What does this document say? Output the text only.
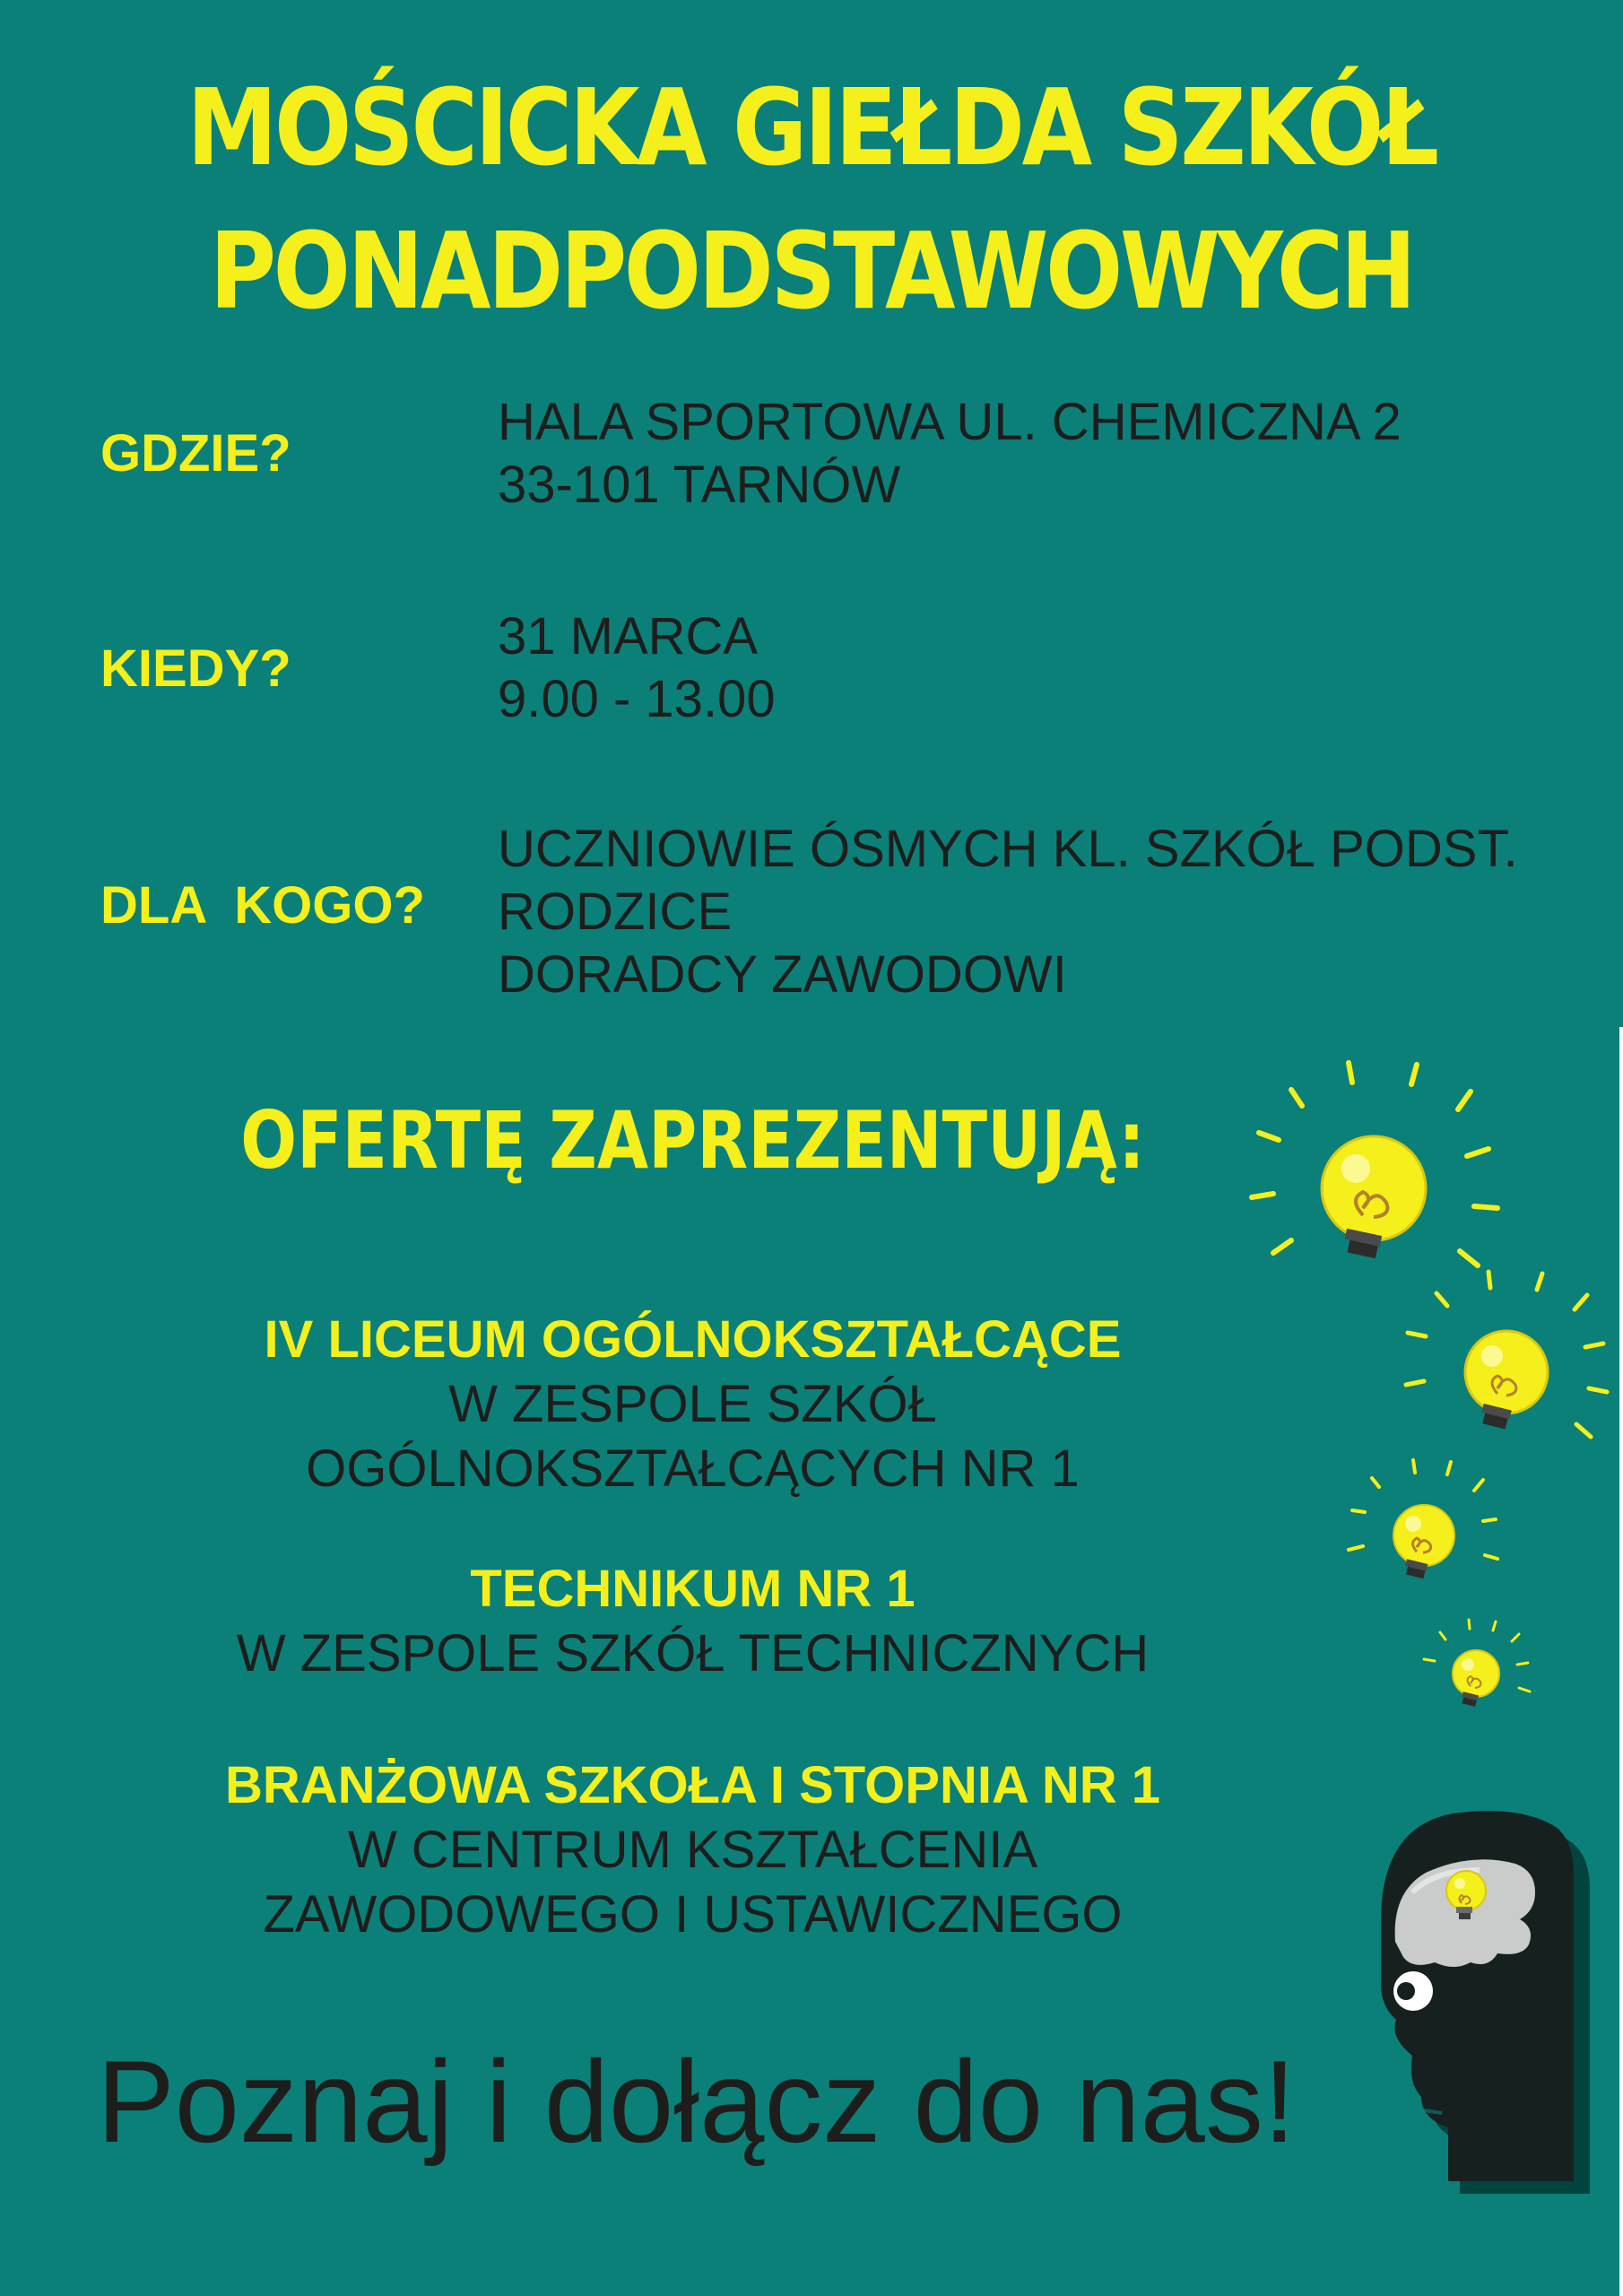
MOŚCICKA GIEŁDA SZKÓŁ
PONADPODSTAWOWYCH
GDZIE?
HALA SPORTOWA UL. CHEMICZNA 2
33-101 TARNÓW
KIEDY?
31 MARCA
9.00 - 13.00
DLA  KOGO?
UCZNIOWIE ÓSMYCH KL. SZKÓŁ PODST.
RODZICE
DORADCY ZAWODOWI
OFERTĘ ZAPREZENTUJĄ:
IV LICEUM OGÓLNOKSZTAŁCĄCE
W ZESPOLE SZKÓŁ
OGÓLNOKSZTAŁCĄCYCH NR 1
TECHNIKUM NR 1
W ZESPOLE SZKÓŁ TECHNICZNYCH
BRANŻOWA SZKOŁA I STOPNIA NR 1
W CENTRUM KSZTAŁCENIA
ZAWODOWEGO I USTAWICZNEGO
Poznaj i dołącz do nas!
